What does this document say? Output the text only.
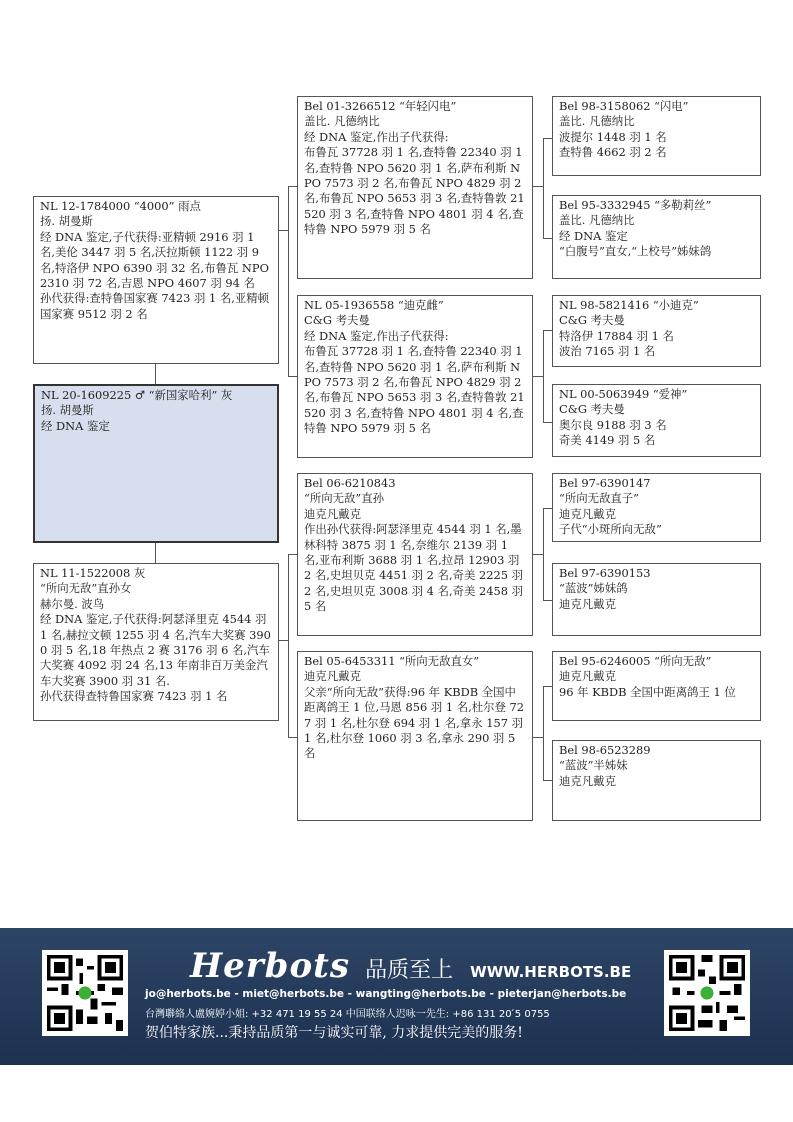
NL 12-1784000 “4000” 雨点
扬. 胡曼斯
经 DNA 鉴定,子代获得:亚精顿 2916 羽 1 名,美伦 3447 羽 5 名,沃拉斯顿 1122 羽 9 名,特洛伊 NPO 6390 羽 32 名,布鲁瓦 NPO 2310 羽 72 名,吉恩 NPO 4607 羽 94 名
孙代获得:查特鲁国家赛 7423 羽 1 名,亚精顿国家赛 9512 羽 2 名
NL 20-1609225 ♂ “新国家哈利” 灰
扬. 胡曼斯
经 DNA 鉴定
NL 11-1522008 灰
“所向无敌”直孙女
赫尔曼. 波鸟
经 DNA 鉴定,子代获得:阿瑟泽里克 4544 羽 1 名,赫拉文顿 1255 羽 4 名,汽车大奖赛 3900 羽 5 名,18 年热点 2 赛 3176 羽 6 名,汽车大奖赛 4092 羽 24 名,13 年南非百万美金汽车大奖赛 3900 羽 31 名.
孙代获得查特鲁国家赛 7423 羽 1 名
Bel 01-3266512 “年轻闪电”
盖比. 凡德纳比
经 DNA 鉴定,作出子代获得:
布鲁瓦 37728 羽 1 名,查特鲁 22340 羽 1 名,查特鲁 NPO 5620 羽 1 名,萨布利斯 NPO 7573 羽 2 名,布鲁瓦 NPO 4829 羽 2 名,布鲁瓦 NPO 5653 羽 3 名,查特鲁敦 21520 羽 3 名,查特鲁 NPO 4801 羽 4 名,查特鲁 NPO 5979 羽 5 名
NL 05-1936558 “迪克雌”
C&G 考夫曼
经 DNA 鉴定,作出子代获得:
布鲁瓦 37728 羽 1 名,查特鲁 22340 羽 1 名,查特鲁 NPO 5620 羽 1 名,萨布利斯 NPO 7573 羽 2 名,布鲁瓦 NPO 4829 羽 2 名,布鲁瓦 NPO 5653 羽 3 名,查特鲁敦 21520 羽 3 名,查特鲁 NPO 4801 羽 4 名,查特鲁 NPO 5979 羽 5 名
Bel 06-6210843
“所向无敌”直孙
迪克凡戴克
作出孙代获得:阿瑟泽里克 4544 羽 1 名,墨林科特 3875 羽 1 名,奈维尔 2139 羽 1 名,亚布利斯 3688 羽 1 名,拉昂 12903 羽 2 名,史坦贝克 4451 羽 2 名,奇美 2225 羽 2 名,史坦贝克 3008 羽 4 名,奇美 2458 羽 5 名
Bel 05-6453311 “所向无敌直女”
迪克凡戴克
父亲“所向无敌”获得:96 年 KBDB 全国中距离鸽王 1 位,马恩 856 羽 1 名,杜尔登 727 羽 1 名,杜尔登 694 羽 1 名,拿永 157 羽 1 名,杜尔登 1060 羽 3 名,拿永 290 羽 5 名
Bel 98-3158062 “闪电”
盖比. 凡德纳比
波提尔 1448 羽 1 名
查特鲁 4662 羽 2 名
Bel 95-3332945 “多勒莉丝”
盖比. 凡德纳比
经 DNA 鉴定
“白腹号”直女,“上校号”姊妹鸽
NL 98-5821416 “小迪克”
C&G 考夫曼
特洛伊 17884 羽 1 名
波治 7165 羽 1 名
NL 00-5063949 “爱神”
C&G 考夫曼
奥尔良 9188 羽 3 名
奇美 4149 羽 5 名
Bel 97-6390147
“所向无敌直子”
迪克凡戴克
子代“小斑所向无敌”
Bel 97-6390153
“蓝波”姊妹鸽
迪克凡戴克
Bel 95-6246005 “所向无敌”
迪克凡戴克
96 年 KBDB 全国中距离鸽王 1 位
Bel 98-6523289
“蓝波”半姊妹
迪克凡戴克
Herbots 品质至上 WWW.HERBOTS.BE
jo@herbots.be - miet@herbots.be - wangting@herbots.be - pieterjan@herbots.be
台灣聯絡人盧婉婷小姐: +32 471 19 55 24 中国联络人迟咏一先生: +86 131 20 ́5 0755
贺伯特家族...秉持品质第一与诚实可靠, 力求提供完美的服务!
